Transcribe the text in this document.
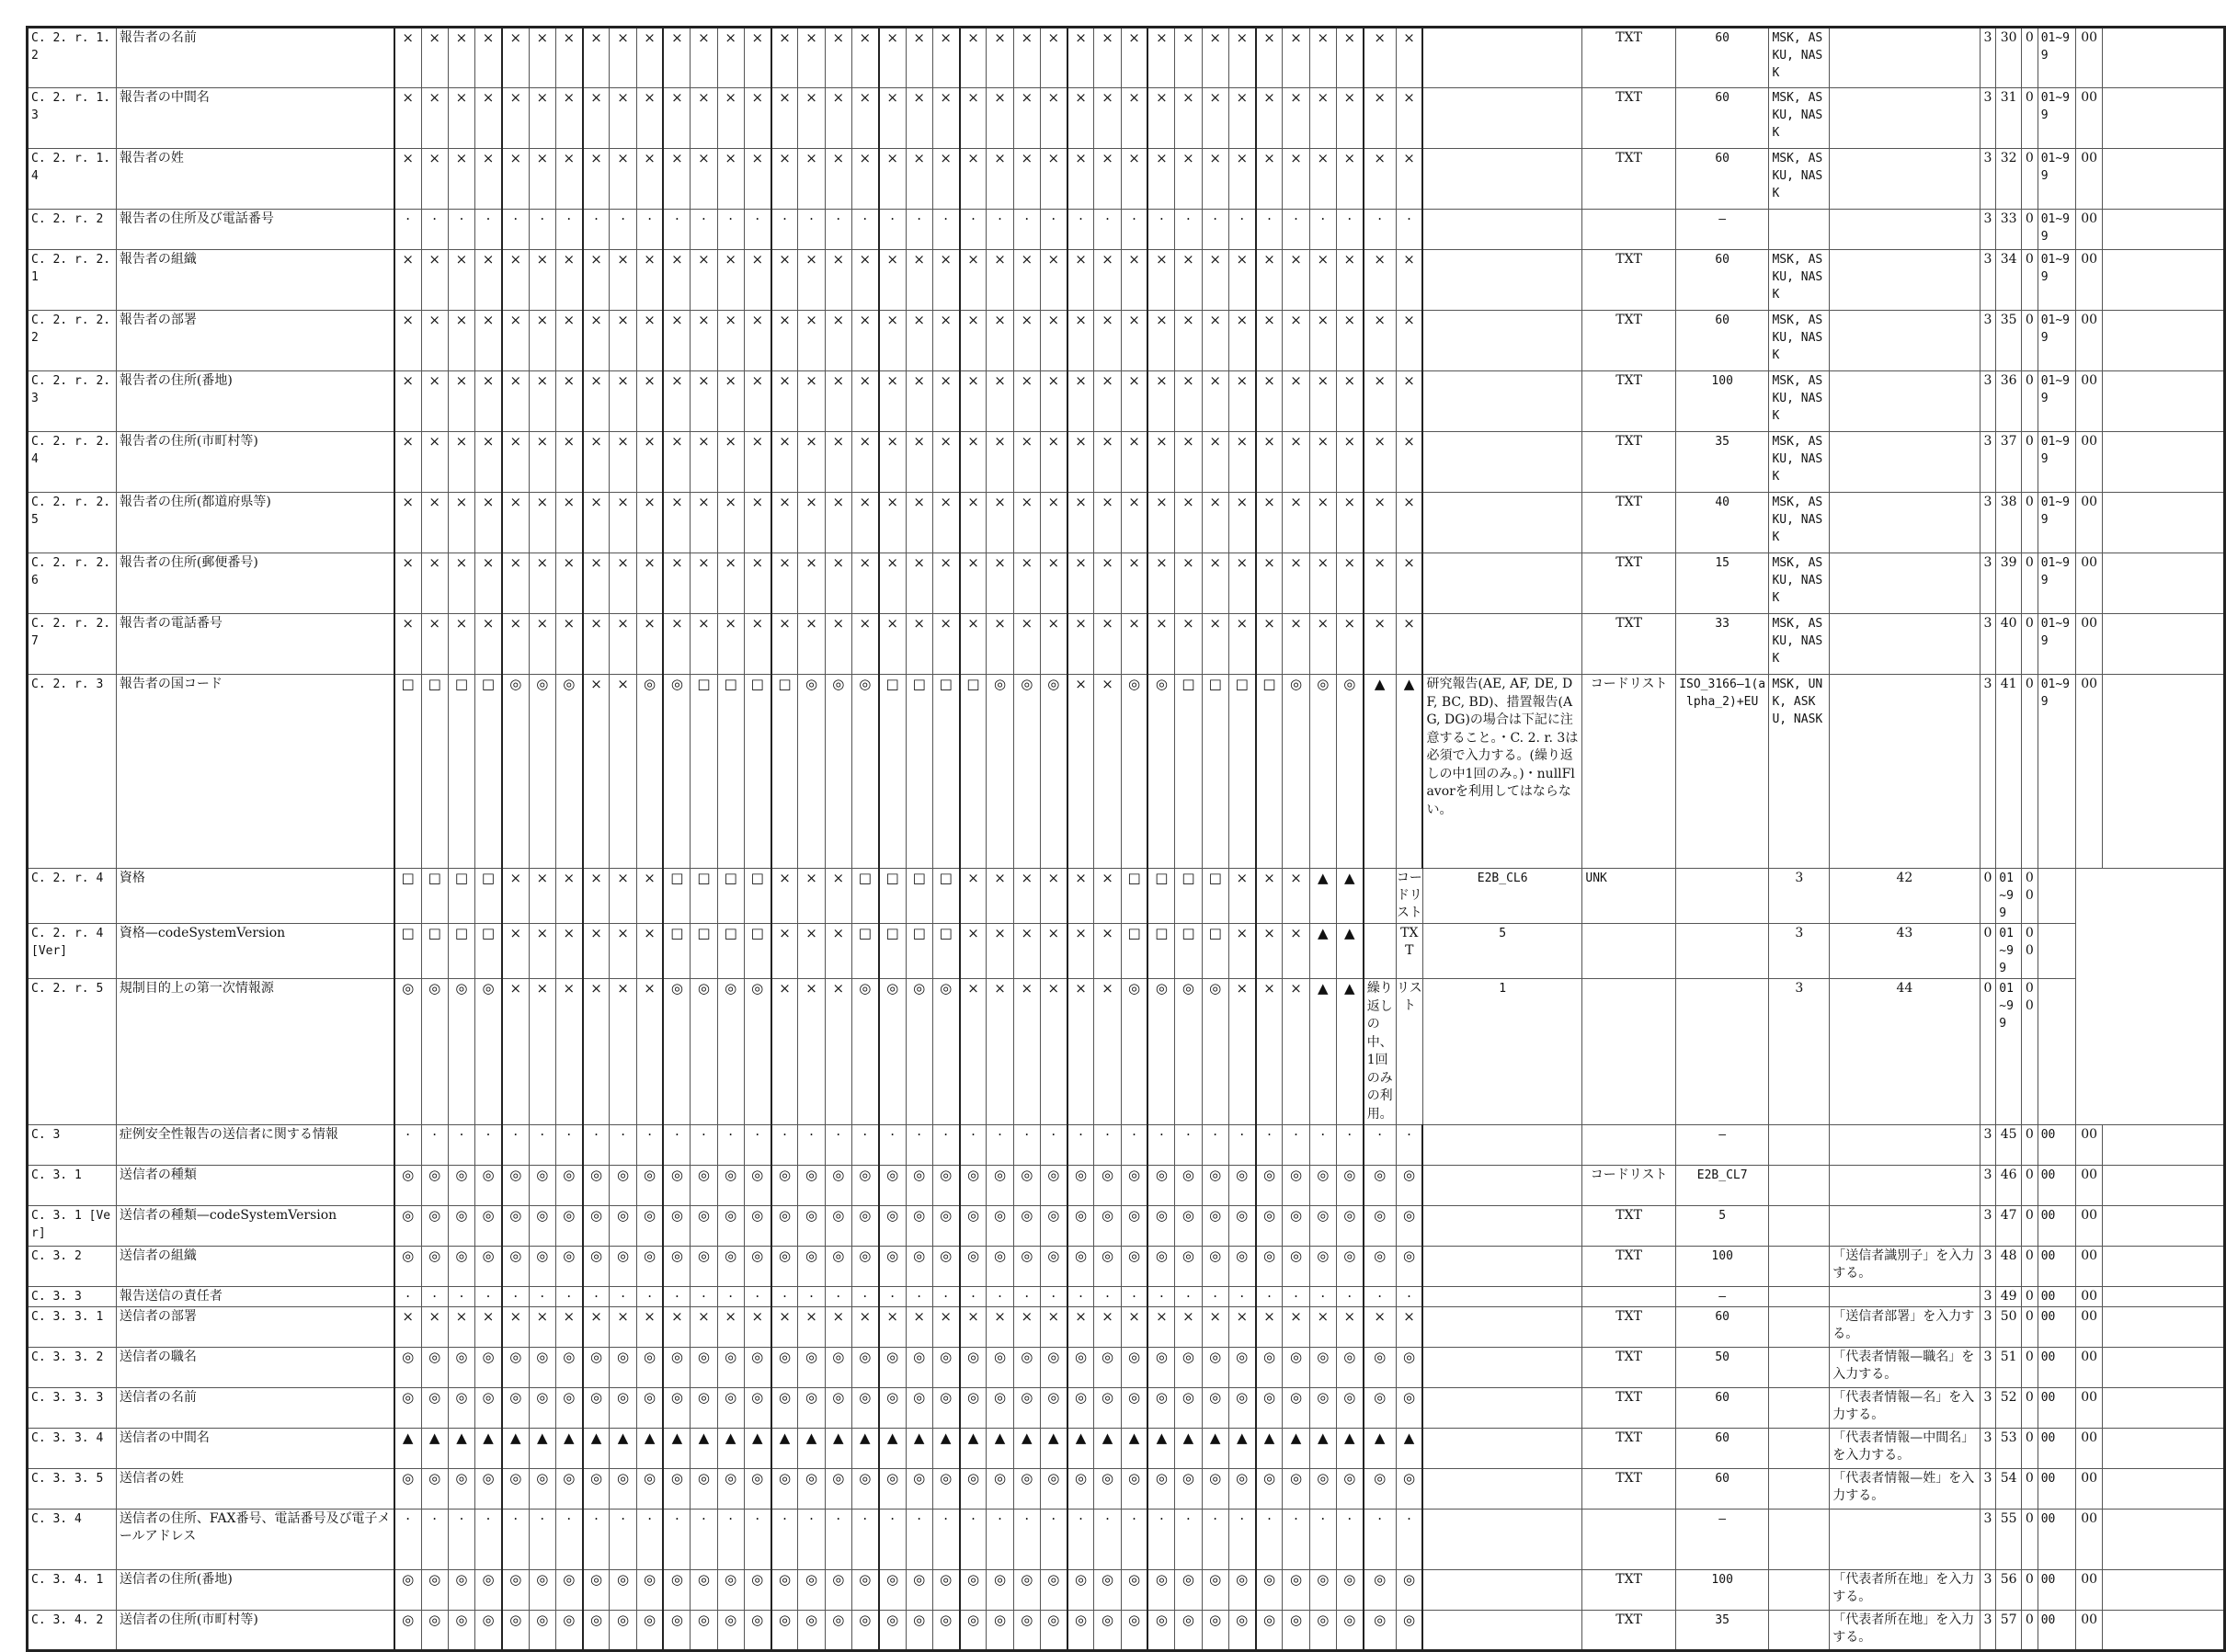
C. 2. r. 1. 2	報告者の名前	×	×	×	×	×	×	×	×	×	×	×	×	×	×	×	×	×	×	×	×	×	×	×	×	×	×	×	×	×	×	×	×	×	×	×	×	×	×		TXT	60	MSK, ASKU, NASK		3	30	0	01~99	00	
C. 2. r. 1. 3	報告者の中間名	×	×	×	×	×	×	×	×	×	×	×	×	×	×	×	×	×	×	×	×	×	×	×	×	×	×	×	×	×	×	×	×	×	×	×	×	×	×		TXT	60	MSK, ASKU, NASK		3	31	0	01~99	00	
C. 2. r. 1. 4	報告者の姓	×	×	×	×	×	×	×	×	×	×	×	×	×	×	×	×	×	×	×	×	×	×	×	×	×	×	×	×	×	×	×	×	×	×	×	×	×	×		TXT	60	MSK, ASKU, NASK		3	32	0	01~99	00	
C. 2. r. 2	報告者の住所及び電話番号	·	·	·	·	·	·	·	·	·	·	·	·	·	·	·	·	·	·	·	·	·	·	·	·	·	·	·	·	·	·	·	·	·	·	·	·	·	·			—			3	33	0	01~99	00	
C. 2. r. 2. 1	報告者の組織	×	×	×	×	×	×	×	×	×	×	×	×	×	×	×	×	×	×	×	×	×	×	×	×	×	×	×	×	×	×	×	×	×	×	×	×	×	×		TXT	60	MSK, ASKU, NASK		3	34	0	01~99	00	
C. 2. r. 2. 2	報告者の部署	×	×	×	×	×	×	×	×	×	×	×	×	×	×	×	×	×	×	×	×	×	×	×	×	×	×	×	×	×	×	×	×	×	×	×	×	×	×		TXT	60	MSK, ASKU, NASK		3	35	0	01~99	00	
C. 2. r. 2. 3	報告者の住所(番地)	×	×	×	×	×	×	×	×	×	×	×	×	×	×	×	×	×	×	×	×	×	×	×	×	×	×	×	×	×	×	×	×	×	×	×	×	×	×		TXT	100	MSK, ASKU, NASK		3	36	0	01~99	00	
C. 2. r. 2. 4	報告者の住所(市町村等)	×	×	×	×	×	×	×	×	×	×	×	×	×	×	×	×	×	×	×	×	×	×	×	×	×	×	×	×	×	×	×	×	×	×	×	×	×	×		TXT	35	MSK, ASKU, NASK		3	37	0	01~99	00	
C. 2. r. 2. 5	報告者の住所(都道府県等)	×	×	×	×	×	×	×	×	×	×	×	×	×	×	×	×	×	×	×	×	×	×	×	×	×	×	×	×	×	×	×	×	×	×	×	×	×	×		TXT	40	MSK, ASKU, NASK		3	38	0	01~99	00	
C. 2. r. 2. 6	報告者の住所(郵便番号)	×	×	×	×	×	×	×	×	×	×	×	×	×	×	×	×	×	×	×	×	×	×	×	×	×	×	×	×	×	×	×	×	×	×	×	×	×	×		TXT	15	MSK, ASKU, NASK		3	39	0	01~99	00	
C. 2. r. 2. 7	報告者の電話番号	×	×	×	×	×	×	×	×	×	×	×	×	×	×	×	×	×	×	×	×	×	×	×	×	×	×	×	×	×	×	×	×	×	×	×	×	×	×		TXT	33	MSK, ASKU, NASK		3	40	0	01~99	00	
C. 2. r. 3	報告者の国コード	□	□	□	□	◎	◎	◎	×	×	◎	◎	□	□	□	□	◎	◎	◎	□	□	□	□	◎	◎	◎	×	×	◎	◎	□	□	□	□	◎	◎	◎	▲	▲	研究報告(AE, AF, DE, DF, BC, BD)、措置報告(AG, DG)の場合は下記に注意すること。・C. 2. r. 3は必須で入力する。(繰り返しの中1回のみ。)・nullFlavorを利用してはならない。	コードリスト	ISO_3166—1(alpha_2)+EU	MSK, UNK, ASKU, NASK		3	41	0	01~99	00	
C. 2. r. 4	資格	□	□	□	□	×	×	×	×	×	×	□	□	□	□	×	×	×	□	□	□	□	×	×	×	×	×	×	□	□	□	□	×	×	×	▲	▲		コードリスト	E2B_CL6	UNK		3	42	0	01~99	00			
C. 2. r. 4 [Ver]	資格—codeSystemVersion	□	□	□	□	×	×	×	×	×	×	□	□	□	□	×	×	×	□	□	□	□	×	×	×	×	×	×	□	□	□	□	×	×	×	▲	▲		TXT	5			3	43	0	01~99	00			
C. 2. r. 5	規制目的上の第一次情報源	◎	◎	◎	◎	×	×	×	×	×	×	◎	◎	◎	◎	×	×	×	◎	◎	◎	◎	×	×	×	×	×	×	◎	◎	◎	◎	×	×	×	▲	▲	繰り返しの中、1回のみの利用。	リスト	1			3	44	0	01~99	00			
C. 3	症例安全性報告の送信者に関する情報	·	·	·	·	·	·	·	·	·	·	·	·	·	·	·	·	·	·	·	·	·	·	·	·	·	·	·	·	·	·	·	·	·	·	·	·	·	·			—			3	45	0	00	00	
C. 3. 1	送信者の種類	◎	◎	◎	◎	◎	◎	◎	◎	◎	◎	◎	◎	◎	◎	◎	◎	◎	◎	◎	◎	◎	◎	◎	◎	◎	◎	◎	◎	◎	◎	◎	◎	◎	◎	◎	◎	◎	◎		コードリスト	E2B_CL7			3	46	0	00	00	
C. 3. 1 [Ver]	送信者の種類—codeSystemVersion	◎	◎	◎	◎	◎	◎	◎	◎	◎	◎	◎	◎	◎	◎	◎	◎	◎	◎	◎	◎	◎	◎	◎	◎	◎	◎	◎	◎	◎	◎	◎	◎	◎	◎	◎	◎	◎	◎		TXT	5			3	47	0	00	00	
C. 3. 2	送信者の組織	◎	◎	◎	◎	◎	◎	◎	◎	◎	◎	◎	◎	◎	◎	◎	◎	◎	◎	◎	◎	◎	◎	◎	◎	◎	◎	◎	◎	◎	◎	◎	◎	◎	◎	◎	◎	◎	◎		TXT	100		「送信者識別子」を入力する。	3	48	0	00	00	
C. 3. 3	報告送信の責任者	·	·	·	·	·	·	·	·	·	·	·	·	·	·	·	·	·	·	·	·	·	·	·	·	·	·	·	·	·	·	·	·	·	·	·	·	·	·			—			3	49	0	00	00	
C. 3. 3. 1	送信者の部署	×	×	×	×	×	×	×	×	×	×	×	×	×	×	×	×	×	×	×	×	×	×	×	×	×	×	×	×	×	×	×	×	×	×	×	×	×	×		TXT	60		「送信者部署」を入力する。	3	50	0	00	00	
C. 3. 3. 2	送信者の職名	◎	◎	◎	◎	◎	◎	◎	◎	◎	◎	◎	◎	◎	◎	◎	◎	◎	◎	◎	◎	◎	◎	◎	◎	◎	◎	◎	◎	◎	◎	◎	◎	◎	◎	◎	◎	◎	◎		TXT	50		「代表者情報—職名」を入力する。	3	51	0	00	00	
C. 3. 3. 3	送信者の名前	◎	◎	◎	◎	◎	◎	◎	◎	◎	◎	◎	◎	◎	◎	◎	◎	◎	◎	◎	◎	◎	◎	◎	◎	◎	◎	◎	◎	◎	◎	◎	◎	◎	◎	◎	◎	◎	◎		TXT	60		「代表者情報—名」を入力する。	3	52	0	00	00	
C. 3. 3. 4	送信者の中間名	▲	▲	▲	▲	▲	▲	▲	▲	▲	▲	▲	▲	▲	▲	▲	▲	▲	▲	▲	▲	▲	▲	▲	▲	▲	▲	▲	▲	▲	▲	▲	▲	▲	▲	▲	▲	▲	▲		TXT	60		「代表者情報—中間名」を入力する。	3	53	0	00	00	
C. 3. 3. 5	送信者の姓	◎	◎	◎	◎	◎	◎	◎	◎	◎	◎	◎	◎	◎	◎	◎	◎	◎	◎	◎	◎	◎	◎	◎	◎	◎	◎	◎	◎	◎	◎	◎	◎	◎	◎	◎	◎	◎	◎		TXT	60		「代表者情報—姓」を入力する。	3	54	0	00	00	
C. 3. 4	送信者の住所、FAX番号、電話番号及び電子メールアドレス	·	·	·	·	·	·	·	·	·	·	·	·	·	·	·	·	·	·	·	·	·	·	·	·	·	·	·	·	·	·	·	·	·	·	·	·	·	·			—			3	55	0	00	00	
C. 3. 4. 1	送信者の住所(番地)	◎	◎	◎	◎	◎	◎	◎	◎	◎	◎	◎	◎	◎	◎	◎	◎	◎	◎	◎	◎	◎	◎	◎	◎	◎	◎	◎	◎	◎	◎	◎	◎	◎	◎	◎	◎	◎	◎		TXT	100		「代表者所在地」を入力する。	3	56	0	00	00	
C. 3. 4. 2	送信者の住所(市町村等)	◎	◎	◎	◎	◎	◎	◎	◎	◎	◎	◎	◎	◎	◎	◎	◎	◎	◎	◎	◎	◎	◎	◎	◎	◎	◎	◎	◎	◎	◎	◎	◎	◎	◎	◎	◎	◎	◎		TXT	35		「代表者所在地」を入力する。	3	57	0	00	00	
